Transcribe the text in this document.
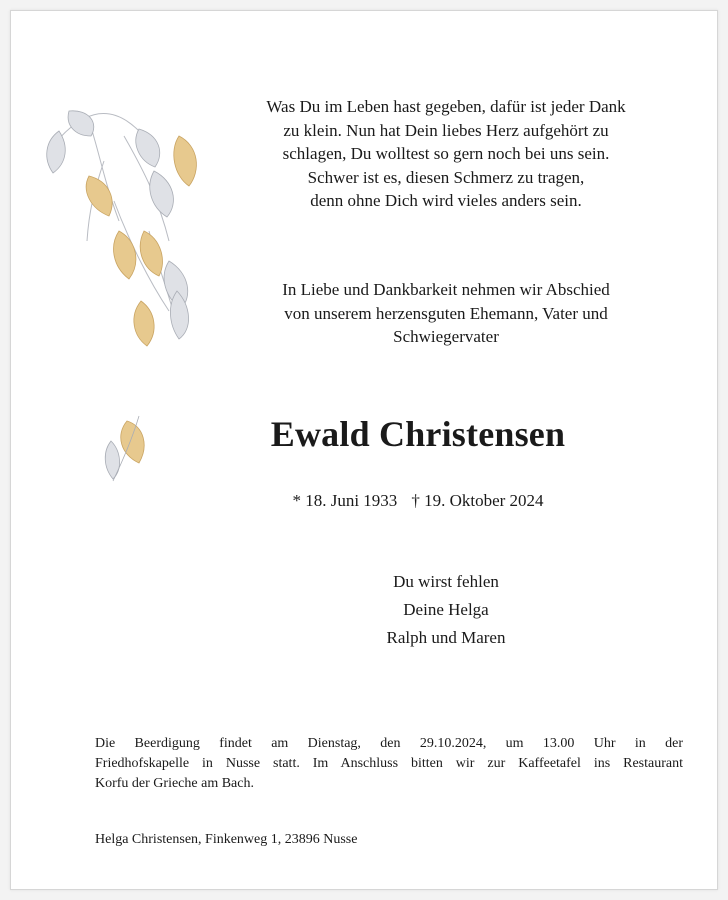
Was Du im Leben hast gegeben, dafür ist jeder Dank
zu klein. Nun hat Dein liebes Herz aufgehört zu
schlagen, Du wolltest so gern noch bei uns sein.
Schwer ist es, diesen Schmerz zu tragen,
denn ohne Dich wird vieles anders sein.
In Liebe und Dankbarkeit nehmen wir Abschied
von unserem herzensguten Ehemann, Vater und
Schwiegervater
Ewald Christensen
* 18. Juni 1933 † 19. Oktober 2024
Du wirst fehlen
Deine Helga
Ralph und Maren
Die Beerdigung findet am Dienstag, den 29.10.2024, um 13.00 Uhr in der
Friedhofskapelle in Nusse statt. Im Anschluss bitten wir zur Kaffeetafel ins Restaurant
Korfu der Grieche am Bach.
Helga Christensen, Finkenweg 1, 23896 Nusse
